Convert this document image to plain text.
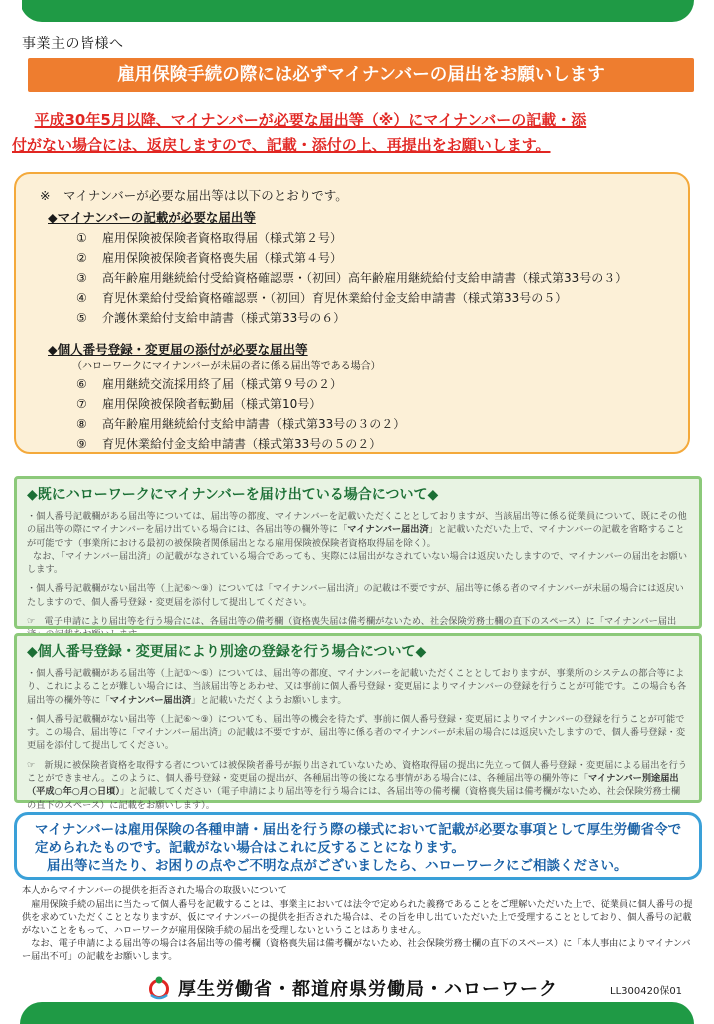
事業主の皆様へ
雇用保険手続の際には必ずマイナンバーの届出をお願いします

平成30年5月以降、マイナンバーが必要な届出等（※）にマイナンバーの記載・添

付がない場合には、返戻しますので、記載・添付の上、再提出をお願いします。

※　マイナンバーが必要な届出等は以下のとおりです。

◆マイナンバーの記載が必要な届出等

① 雇用保険被保険者資格取得届（様式第２号）
② 雇用保険被保険者資格喪失届（様式第４号）
③ 高年齢雇用継続給付受給資格確認票・（初回）高年齢雇用継続給付支給申請書（様式第33号の３）
④ 育児休業給付受給資格確認票・（初回）育児休業給付金支給申請書（様式第33号の５）
⑤ 介護休業給付支給申請書（様式第33号の６）

◆個人番号登録・変更届の添付が必要な届出等

（ハローワークにマイナンバーが未届の者に係る届出等である場合）

⑥ 雇用継続交流採用終了届（様式第９号の２）
⑦ 雇用保険被保険者転勤届（様式第10号）
⑧ 高年齢雇用継続給付支給申請書（様式第33号の３の２）
⑨ 育児休業給付金支給申請書（様式第33号の５の２）
◆既にハローワークにマイナンバーを届け出ている場合について◆

・個人番号記載欄がある届出等については、届出等の都度、マイナンバーを記載いただくこととしておりますが、当該届出等に係る従業員について、既にその他の届出等の際にマイナンバーを届け出ている場合には、各届出等の欄外等に「マイナンバー届出済」と記載いただいた上で、マイナンバーの記載を省略することが可能です（事業所における最初の被保険者関係届出となる雇用保険被保険者資格取得届を除く）。
なお、「マイナンバー届出済」の記載がなされている場合であっても、実際には届出がなされていない場合は返戻いたしますので、マイナンバーの届出をお願いします。

・個人番号記載欄がない届出等（上記⑥〜⑨）については「マイナンバー届出済」の記載は不要ですが、届出等に係る者のマイナンバーが未届の場合には返戻いたしますので、個人番号登録・変更届を添付して提出してください。

☞　電子申請により届出等を行う場合には、各届出等の備考欄（資格喪失届は備考欄がないため、社会保険労務士欄の直下のスペース）に「マイナンバー届出

◆個人番号登録・変更届により別途の登録を行う場合について◆

・個人番号記載欄がある届出等（上記①〜⑤）については、届出等の都度、マイナンバーを記載いただくこととしておりますが、事業所のシステムの都合等により、これによることが難しい場合には、当該届出等とあわせ、又は事前に個人番号登録・変更届によりマイナンバーの登録を行うことが可能です。この場合も各届出等の欄外等に「マイナンバー届出済」と記載いただくようお願いします。

・個人番号記載欄がない届出等（上記⑥〜⑨）についても、届出等の機会を待たず、事前に個人番号登録・変更届によりマイナンバーの登録を行うことが可能です。この場合、届出等に「マイナンバー届出済」の記載は不要ですが、届出等に係る者のマイナンバーが未届の場合には返戻いたしますので、個人番号登録・変更届を添付して提出してください。

☞　新規に被保険者資格を取得する者については被保険者番号が振り出されていないため、資格取得届の提出に先立って個人番号登録・変更届による届出を行うことができません。このように、個人番号登録・変更届の提出が、各種届出等の後になる事情がある場合には、各種届出等の欄外等に「マイナンバー別途届出（平成○年○月○日頃）」と記載してください（電子申請により届出等を行う場合には、各届出等の備考欄（資格喪失届は備考欄がないため、社会保険労務士欄の直下のスペース）に記載をお願いします）。

マイナンバーは雇用保険の各種申請・届出を行う際の様式において記載が必要な事項として厚生労働省令で定められたものです。記載がない場合はこれに反することになります。

届出等に当たり、お困りの点やご不明な点がございましたら、ハローワークにご相談ください。

本人からマイナンバーの提供を拒否された場合の取扱いについて

雇用保険手続の届出に当たって個人番号を記載することは、事業主においては法令で定められた義務であることをご理解いただいた上で、従業員に個人番号の提供を求めていただくこととなりますが、仮にマイナンバーの提供を拒否された場合は、その旨を申し出ていただいた上で受理することとしており、個人番号の記載がないことをもって、ハローワークが雇用保険手続の届出を受理しないということはありません。

なお、電子申請による届出等の場合は各届出等の備考欄（資格喪失届は備考欄がないため、社会保険労務士欄の直下のスペース）に「本人事由によりマイナンバー届出不可」の記載をお願いします。

厚生労働省・都道府県労働局・ハローワーク	LL300420保01
